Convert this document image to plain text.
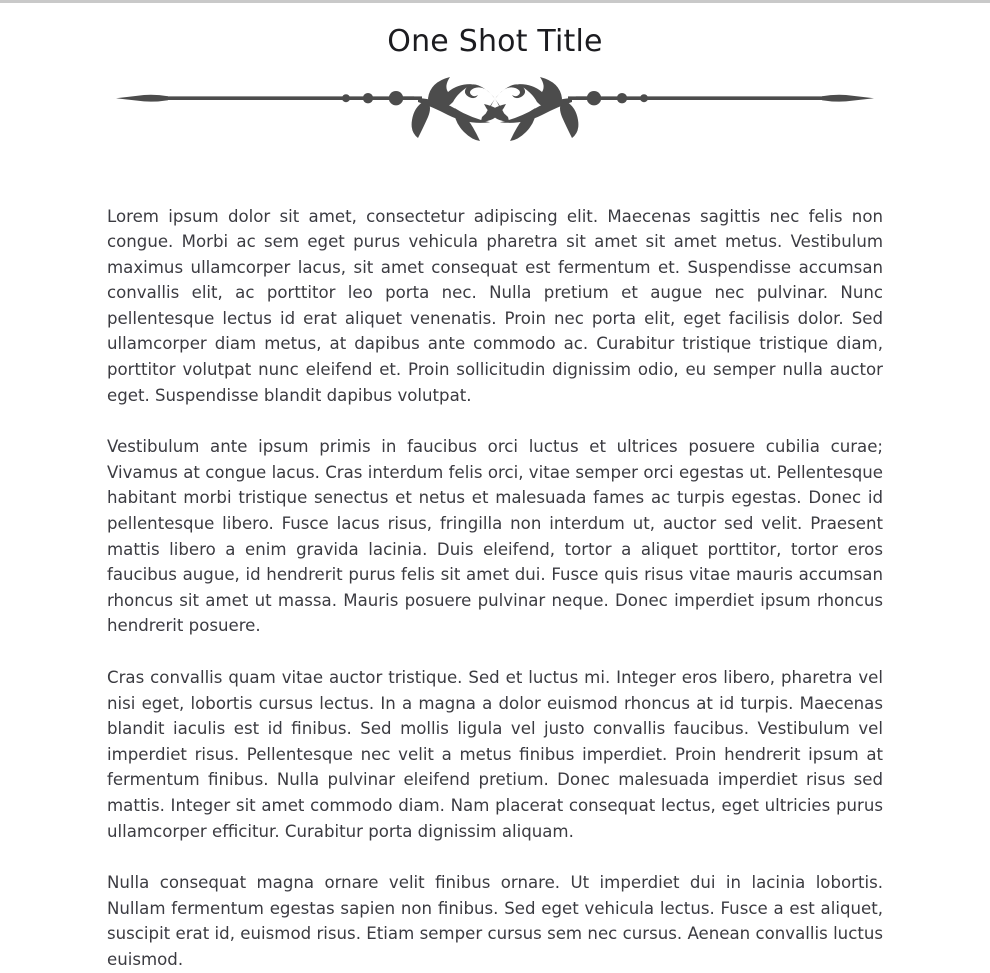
One Shot Title

Lorem ipsum dolor sit amet, consectetur adipiscing elit. Maecenas sagittis nec felis non congue. Morbi ac sem eget purus vehicula pharetra sit amet sit amet metus. Vestibulum maximus ullamcorper lacus, sit amet consequat est fermentum et. Suspendisse accumsan convallis elit, ac porttitor leo porta nec. Nulla pretium et augue nec pulvinar. Nunc pellentesque lectus id erat aliquet venenatis. Proin nec porta elit, eget facilisis dolor. Sed ullamcorper diam metus, at dapibus ante commodo ac. Curabitur tristique tristique diam, porttitor volutpat nunc eleifend et. Proin sollicitudin dignissim odio, eu semper nulla auctor eget. Suspendisse blandit dapibus volutpat.

Vestibulum ante ipsum primis in faucibus orci luctus et ultrices posuere cubilia curae; Vivamus at congue lacus. Cras interdum felis orci, vitae semper orci egestas ut. Pellentesque habitant morbi tristique senectus et netus et malesuada fames ac turpis egestas. Donec id pellentesque libero. Fusce lacus risus, fringilla non interdum ut, auctor sed velit. Praesent mattis libero a enim gravida lacinia. Duis eleifend, tortor a aliquet porttitor, tortor eros faucibus augue, id hendrerit purus felis sit amet dui. Fusce quis risus vitae mauris accumsan rhoncus sit amet ut massa. Mauris posuere pulvinar neque. Donec imperdiet ipsum rhoncus hendrerit posuere.

Cras convallis quam vitae auctor tristique. Sed et luctus mi. Integer eros libero, pharetra vel nisi eget, lobortis cursus lectus. In a magna a dolor euismod rhoncus at id turpis. Maecenas blandit iaculis est id finibus. Sed mollis ligula vel justo convallis faucibus. Vestibulum vel imperdiet risus. Pellentesque nec velit a metus finibus imperdiet. Proin hendrerit ipsum at fermentum finibus. Nulla pulvinar eleifend pretium. Donec malesuada imperdiet risus sed mattis. Integer sit amet commodo diam. Nam placerat consequat lectus, eget ultricies purus ullamcorper efficitur. Curabitur porta dignissim aliquam.

Nulla consequat magna ornare velit finibus ornare. Ut imperdiet dui in lacinia lobortis. Nullam fermentum egestas sapien non finibus. Sed eget vehicula lectus. Fusce a est aliquet, suscipit erat id, euismod risus. Etiam semper cursus sem nec cursus. Aenean convallis luctus euismod.
